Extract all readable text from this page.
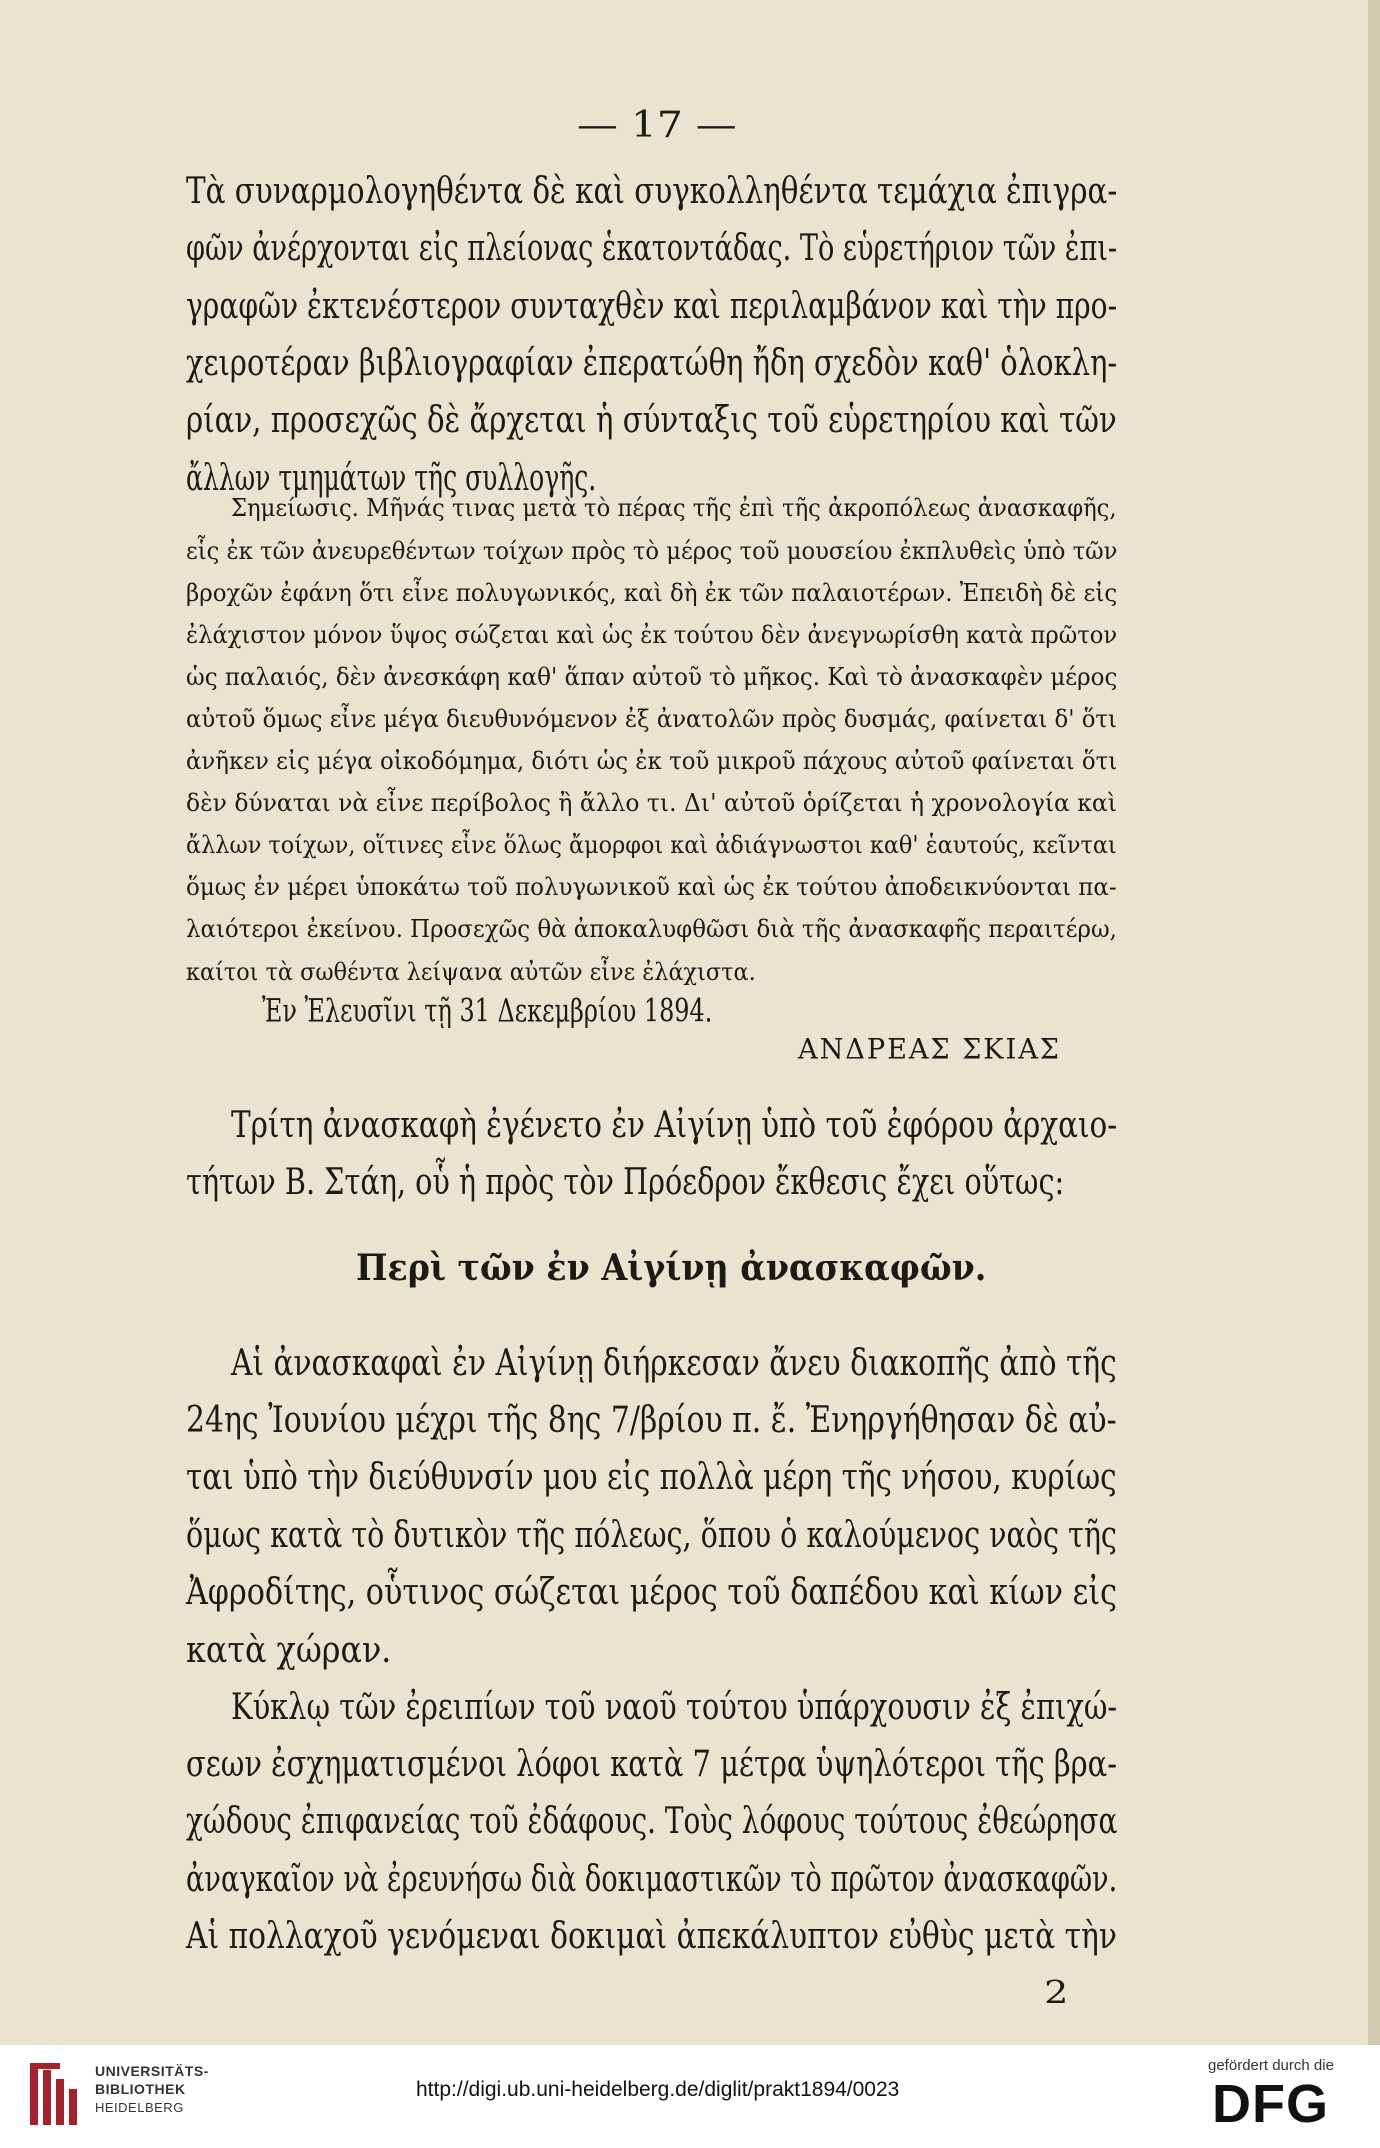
— 17 —
Τὰ συναρμολογηθέντα δὲ καὶ συγκολληθέντα τεμάχια ἐπιγρα-
φῶν ἀνέρχονται εἰς πλείονας ἑκατοντάδας. Τὸ εὑρετήριον τῶν ἐπι-
γραφῶν ἐκτενέστερον συνταχθὲν καὶ περιλαμβάνον καὶ τὴν προ-
χειροτέραν βιβλιογραφίαν ἐπερατώθη ἤδη σχεδὸν καθ' ὁλοκλη-
ρίαν, προσεχῶς δὲ ἄρχεται ἡ σύνταξις τοῦ εὑρετηρίου καὶ τῶν
ἄλλων τμημάτων τῆς συλλογῆς.
Σημείωσις. Μῆνάς τινας μετὰ τὸ πέρας τῆς ἐπὶ τῆς ἀκροπόλεως ἀνασκαφῆς,
εἷς ἐκ τῶν ἀνευρεθέντων τοίχων πρὸς τὸ μέρος τοῦ μουσείου ἐκπλυθεὶς ὑπὸ τῶν
βροχῶν ἐφάνη ὅτι εἶνε πολυγωνικός, καὶ δὴ ἐκ τῶν παλαιοτέρων. Ἐπειδὴ δὲ εἰς
ἐλάχιστον μόνον ὕψος σώζεται καὶ ὡς ἐκ τούτου δὲν ἀνεγνωρίσθη κατὰ πρῶτον
ὡς παλαιός, δὲν ἀνεσκάφη καθ' ἅπαν αὐτοῦ τὸ μῆκος. Καὶ τὸ ἀνασκαφὲν μέρος
αὐτοῦ ὅμως εἶνε μέγα διευθυνόμενον ἐξ ἀνατολῶν πρὸς δυσμάς, φαίνεται δ' ὅτι
ἀνῆκεν εἰς μέγα οἰκοδόμημα, διότι ὡς ἐκ τοῦ μικροῦ πάχους αὐτοῦ φαίνεται ὅτι
δὲν δύναται νὰ εἶνε περίβολος ἢ ἄλλο τι. Δι' αὐτοῦ ὁρίζεται ἡ χρονολογία καὶ
ἄλλων τοίχων, οἵτινες εἶνε ὅλως ἄμορφοι καὶ ἀδιάγνωστοι καθ' ἑαυτούς, κεῖνται
ὅμως ἐν μέρει ὑποκάτω τοῦ πολυγωνικοῦ καὶ ὡς ἐκ τούτου ἀποδεικνύονται πα-
λαιότεροι ἐκείνου. Προσεχῶς θὰ ἀποκαλυφθῶσι διὰ τῆς ἀνασκαφῆς περαιτέρω,
καίτοι τὰ σωθέντα λείψανα αὐτῶν εἶνε ἐλάχιστα.
Ἐν Ἐλευσῖνι τῇ 31 Δεκεμβρίου 1894.
ΑΝΔΡΕΑΣ ΣΚΙΑΣ
Τρίτη ἀνασκαφὴ ἐγένετο ἐν Αἰγίνῃ ὑπὸ τοῦ ἐφόρου ἀρχαιο-
τήτων Β. Στάη, οὗ ἡ πρὸς τὸν Πρόεδρον ἔκθεσις ἔχει οὕτως:
Περὶ τῶν ἐν Αἰγίνῃ ἀνασκαφῶν.
Αἱ ἀνασκαφαὶ ἐν Αἰγίνῃ διήρκεσαν ἄνευ διακοπῆς ἀπὸ τῆς
24ης Ἰουνίου μέχρι τῆς 8ης 7/βρίου π. ἔ. Ἐνηργήθησαν δὲ αὐ-
ται ὑπὸ τὴν διεύθυνσίν μου εἰς πολλὰ μέρη τῆς νήσου, κυρίως
ὅμως κατὰ τὸ δυτικὸν τῆς πόλεως, ὅπου ὁ καλούμενος ναὸς τῆς
Ἀφροδίτης, οὗτινος σώζεται μέρος τοῦ δαπέδου καὶ κίων εἰς
κατὰ χώραν.
Κύκλῳ τῶν ἐρειπίων τοῦ ναοῦ τούτου ὑπάρχουσιν ἐξ ἐπιχώ-
σεων ἐσχηματισμένοι λόφοι κατὰ 7 μέτρα ὑψηλότεροι τῆς βρα-
χώδους ἐπιφανείας τοῦ ἐδάφους. Τοὺς λόφους τούτους ἐθεώρησα
ἀναγκαῖον νὰ ἐρευνήσω διὰ δοκιμαστικῶν τὸ πρῶτον ἀνασκαφῶν.
Αἱ πολλαχοῦ γενόμεναι δοκιμαὶ ἀπεκάλυπτον εὐθὺς μετὰ τὴν
2
UNIVERSITÄTS-
BIBLIOTHEK
HEIDELBERG
http://digi.ub.uni-heidelberg.de/diglit/prakt1894/0023
gefördert durch die
DFG
